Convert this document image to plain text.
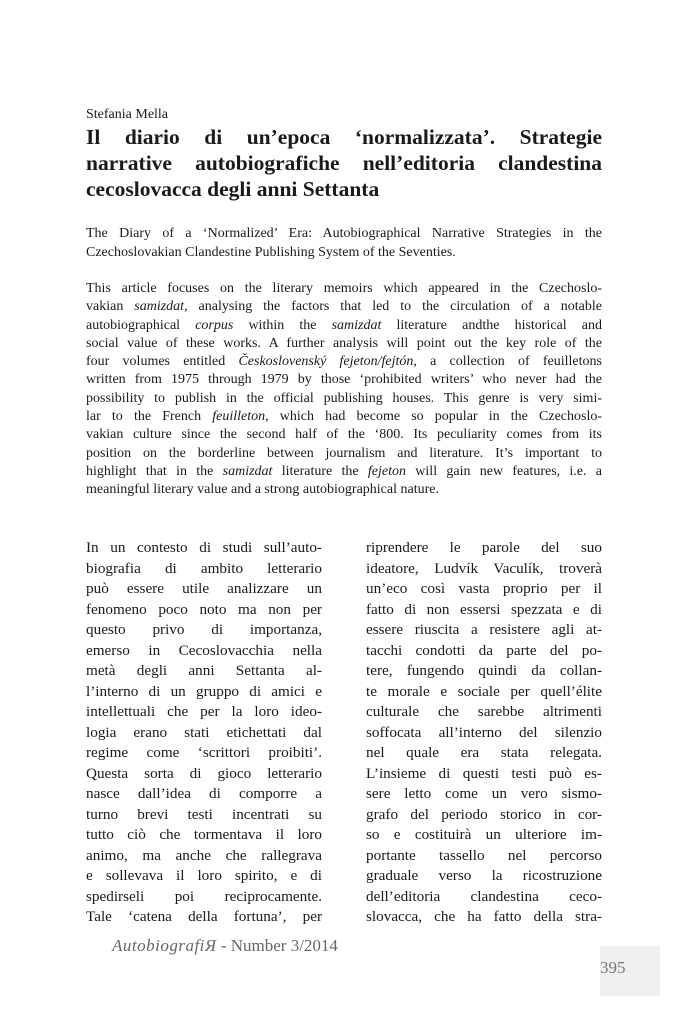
Stefania Mella
Il diario di un’epoca ‘normalizzata’. Strategie
narrative autobiografiche nell’editoria clandestina
cecoslovacca degli anni Settanta

The Diary of a ‘Normalized’ Era: Autobiographical Narrative Strategies in the
Czechoslovakian Clandestine Publishing System of the Seventies.

This article focuses on the literary memoirs which appeared in the Czechoslo-
vakian samizdat, analysing the factors that led to the circulation of a notable
autobiographical corpus within the samizdat literature andthe historical and
social value of these works. A further analysis will point out the key role of the
four volumes entitled Československý fejeton/fejtón, a collection of feuilletons
written from 1975 through 1979 by those ‘prohibited writers’ who never had the
possibility to publish in the official publishing houses. This genre is very simi-
lar to the French feuilleton, which had become so popular in the Czechoslo-
vakian culture since the second half of the ‘800. Its peculiarity comes from its
position on the borderline between journalism and literature. It’s important to
highlight that in the samizdat literature the fejeton will gain new features, i.e. a
meaningful literary value and a strong autobiographical nature.

In un contesto di studi sull’auto-
biografia di ambito letterario
può essere utile analizzare un
fenomeno poco noto ma non per
questo privo di importanza,
emerso in Cecoslovacchia nella
metà degli anni Settanta al-
l’interno di un gruppo di amici e
intellettuali che per la loro ideo-
logia erano stati etichettati dal
regime come ‘scrittori proibiti’.
Questa sorta di gioco letterario
nasce dall’idea di comporre a
turno brevi testi incentrati su
tutto ciò che tormentava il loro
animo, ma anche che rallegrava
e sollevava il loro spirito, e di
spedirseli poi reciprocamente.
Tale ‘catena della fortuna’, per
riprendere le parole del suo
ideatore, Ludvík Vaculík, troverà
un’eco così vasta proprio per il
fatto di non essersi spezzata e di
essere riuscita a resistere agli at-
tacchi condotti da parte del po-
tere, fungendo quindi da collan-
te morale e sociale per quell’élite
culturale che sarebbe altrimenti
soffocata all’interno del silenzio
nel quale era stata relegata.
L’insieme di questi testi può es-
sere letto come un vero sismo-
grafo del periodo storico in cor-
so e costituirà un ulteriore im-
portante tassello nel percorso
graduale verso la ricostruzione
dell’editoria clandestina ceco-
slovacca, che ha fatto della stra-
AutobiografiЯ - Number 3/2014
395
